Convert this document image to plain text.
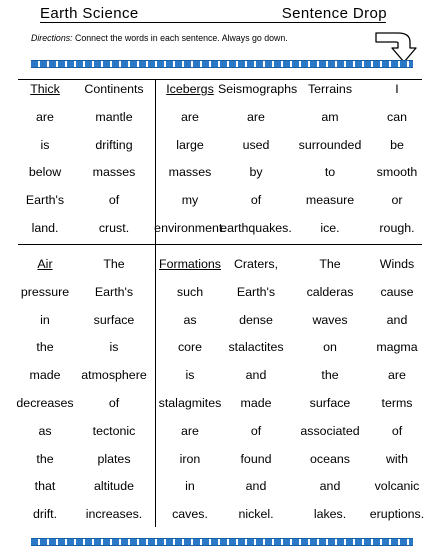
Earth Science	Sentence Drop
Directions: Connect the words in each sentence. Always go down.
Thick
are
is
below
Earth's
land.
Continents
mantle
drifting
masses
of
crust.
Icebergs
are
large
masses
my
environment.
Seismographs
are
used
by
of
earthquakes.
Terrains
am
surrounded
to
measure
ice.
I
can
be
smooth
or
rough.
Air
pressure
in
the
made
decreases
as
the
that
drift.
The
Earth's
surface
is
atmosphere
of
tectonic
plates
altitude
increases.
Formations
such
as
core
is
stalagmites
are
iron
in
caves.
Craters,
Earth's
dense
stalactites
and
made
of
found
and
nickel.
The
calderas
waves
on
the
surface
associated
oceans
and
lakes.
Winds
cause
and
magma
are
terms
of
with
volcanic
eruptions.
